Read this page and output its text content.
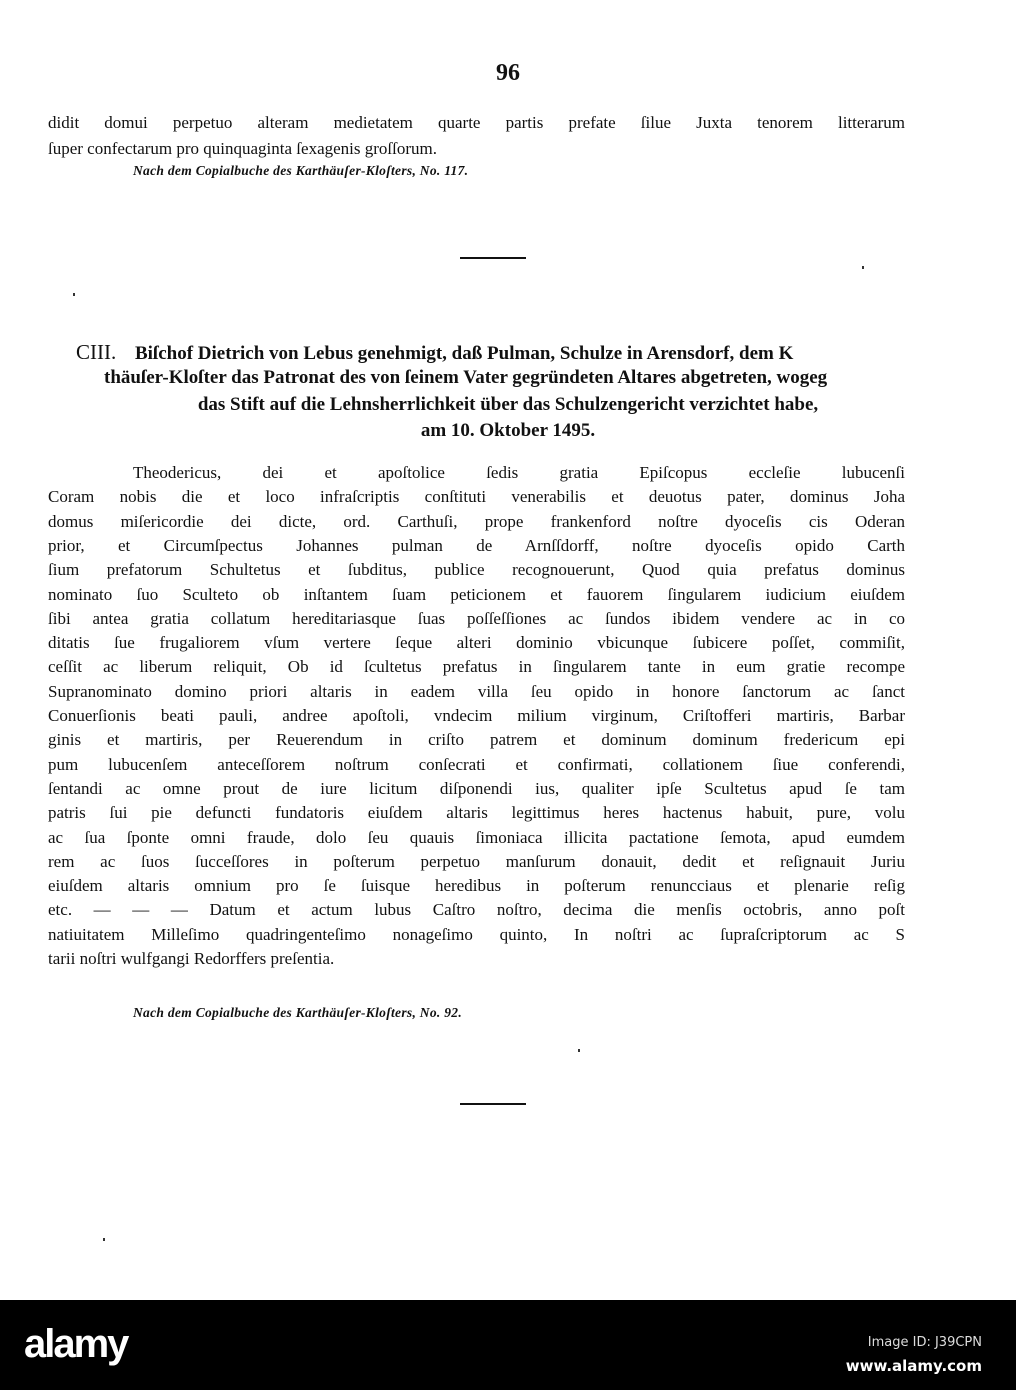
96
didit domui perpetuo alteram medietatem quarte partis prefate ſilue Juxta tenorem litterarum
ſuper confectarum pro quinquaginta ſexagenis groſſorum.
Nach dem Copialbuche des Karthäuſer-Kloſters, No. 117.
CIII. Biſchof Dietrich von Lebus genehmigt, daß Pulman, Schulze in Arensdorf, dem K
thäuſer-Kloſter das Patronat des von ſeinem Vater gegründeten Altares abgetreten, wogeg
das Stift auf die Lehnsherrlichkeit über das Schulzengericht verzichtet habe,
am 10. Oktober 1495.
Theodericus, dei et apoſtolice ſedis gratia Epiſcopus eccleſie lubucenſi
Coram nobis die et loco infraſcriptis conſtituti venerabilis et deuotus pater, dominus Joha
domus miſericordie dei dicte, ord. Carthuſi, prope frankenford noſtre dyoceſis cis Oderan
prior, et Circumſpectus Johannes pulman de Arnſſdorff, noſtre dyoceſis opido Carth
ſium prefatorum Schultetus et ſubditus, publice recognouerunt, Quod quia prefatus dominus
nominato ſuo Sculteto ob inſtantem ſuam peticionem et fauorem ſingularem iudicium eiuſdem
ſibi antea gratia collatum hereditariasque ſuas poſſeſſiones ac ſundos ibidem vendere ac in co
ditatis ſue frugaliorem vſum vertere ſeque alteri dominio vbicunque ſubicere poſſet, commiſit,
ceſſit ac liberum reliquit, Ob id ſcultetus prefatus in ſingularem tante in eum gratie recompe
Supranominato domino priori altaris in eadem villa ſeu opido in honore ſanctorum ac ſanct
Conuerſionis beati pauli, andree apoſtoli, vndecim milium virginum, Criſtofferi martiris, Barbar
ginis et martiris, per Reuerendum in criſto patrem et dominum dominum fredericum epi
pum lubucenſem anteceſſorem noſtrum conſecrati et confirmati, collationem ſiue conferendi,
ſentandi ac omne prout de iure licitum diſponendi ius, qualiter ipſe Scultetus apud ſe tam
patris ſui pie defuncti fundatoris eiuſdem altaris legittimus heres hactenus habuit, pure, volu
ac ſua ſponte omni fraude, dolo ſeu quauis ſimoniaca illicita pactatione ſemota, apud eumdem
rem ac ſuos ſucceſſores in poſterum perpetuo manſurum donauit, dedit et reſignauit Juriu
eiuſdem altaris omnium pro ſe ſuisque heredibus in poſterum renuncciaus et plenarie reſig
etc. — — — Datum et actum lubus Caſtro noſtro, decima die menſis octobris, anno poſt
natiuitatem Milleſimo quadringenteſimo nonageſimo quinto, In noſtri ac ſupraſcriptorum ac S
tarii noſtri wulfgangi Redorffers preſentia.
Nach dem Copialbuche des Karthäuſer-Kloſters, No. 92.
alamy	Image ID: J39CPN
www.alamy.com
